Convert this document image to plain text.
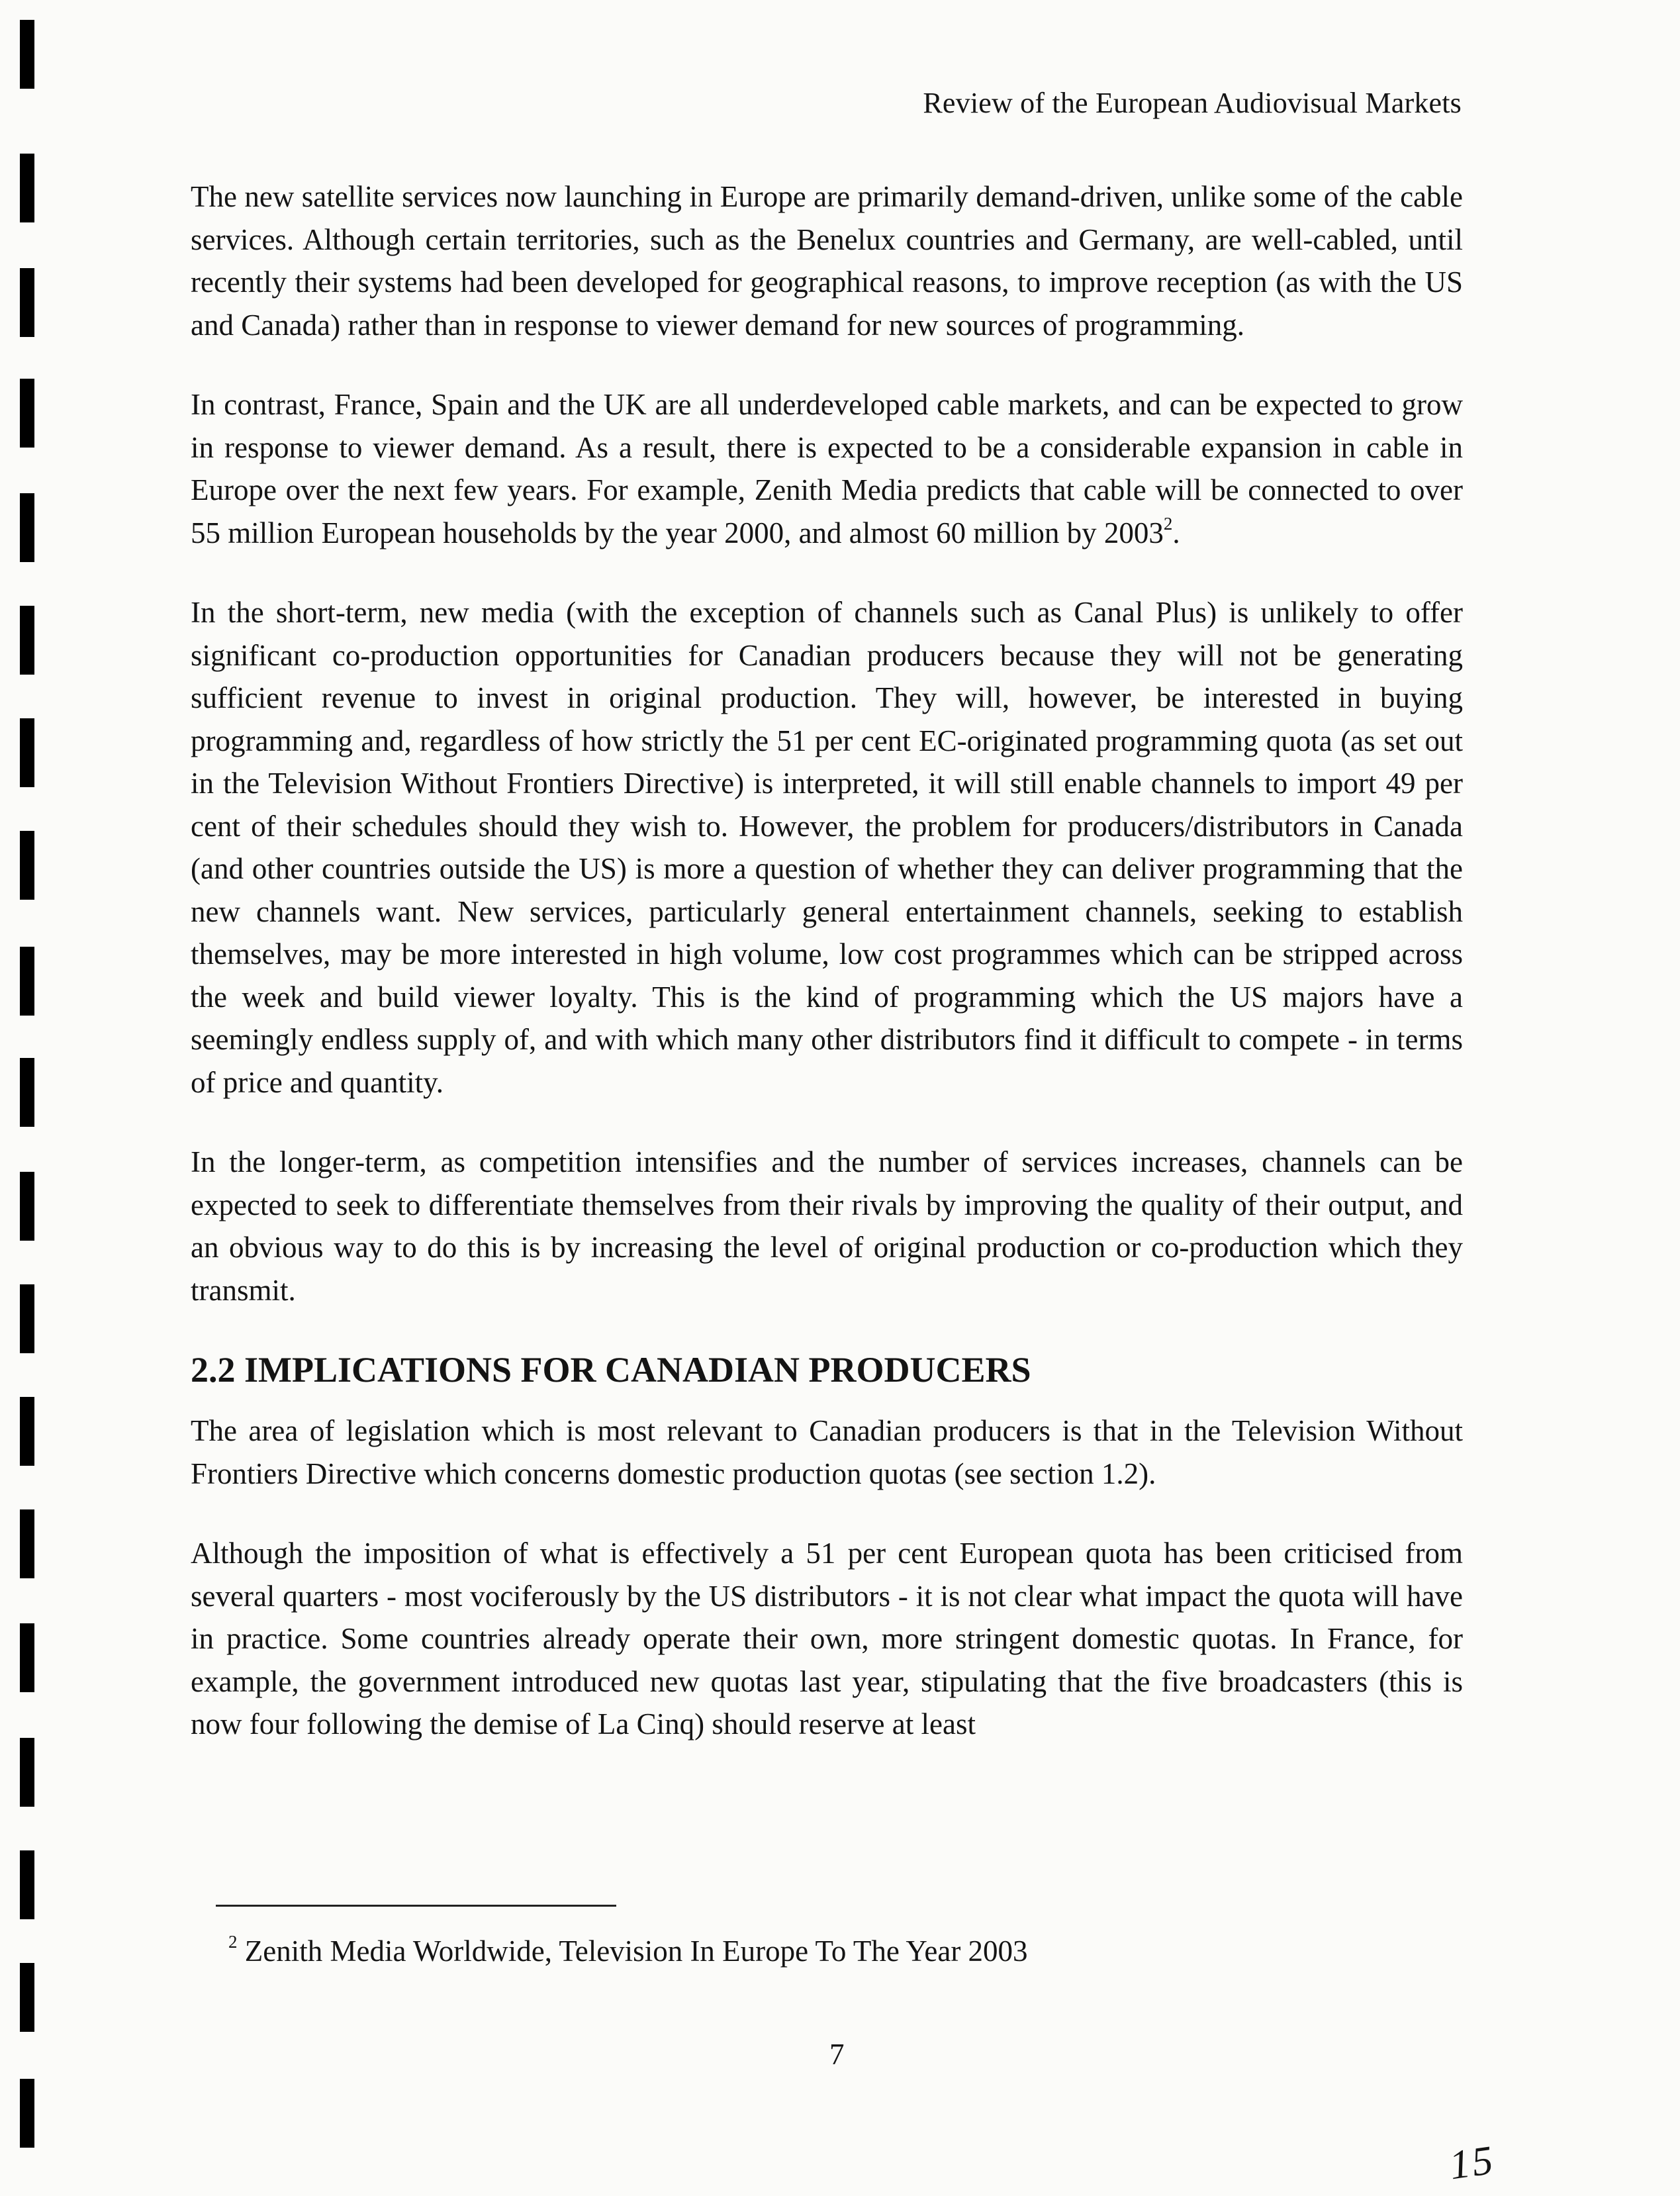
Review of the European Audiovisual Markets

The new satellite services now launching in Europe are primarily demand-driven, unlike some of the cable services. Although certain territories, such as the Benelux countries and Germany, are well-cabled, until recently their systems had been developed for geographical reasons, to improve reception (as with the US and Canada) rather than in response to viewer demand for new sources of programming.

In contrast, France, Spain and the UK are all underdeveloped cable markets, and can be expected to grow in response to viewer demand. As a result, there is expected to be a considerable expansion in cable in Europe over the next few years. For example, Zenith Media predicts that cable will be connected to over 55 million European households by the year 2000, and almost 60 million by 2003$^2$.

In the short-term, new media (with the exception of channels such as Canal Plus) is unlikely to offer significant co-production opportunities for Canadian producers because they will not be generating sufficient revenue to invest in original production. They will, however, be interested in buying programming and, regardless of how strictly the 51 per cent EC-originated programming quota (as set out in the Television Without Frontiers Directive) is interpreted, it will still enable channels to import 49 per cent of their schedules should they wish to. However, the problem for producers/distributors in Canada (and other countries outside the US) is more a question of whether they can deliver programming that the new channels want. New services, particularly general entertainment channels, seeking to establish themselves, may be more interested in high volume, low cost programmes which can be stripped across the week and build viewer loyalty. This is the kind of programming which the US majors have a seemingly endless supply of, and with which many other distributors find it difficult to compete - in terms of price and quantity.

In the longer-term, as competition intensifies and the number of services increases, channels can be expected to seek to differentiate themselves from their rivals by improving the quality of their output, and an obvious way to do this is by increasing the level of original production or co-production which they transmit.

2.2 IMPLICATIONS FOR CANADIAN PRODUCERS

The area of legislation which is most relevant to Canadian producers is that in the Television Without Frontiers Directive which concerns domestic production quotas (see section 1.2).

Although the imposition of what is effectively a 51 per cent European quota has been criticised from several quarters - most vociferously by the US distributors - it is not clear what impact the quota will have in practice. Some countries already operate their own, more stringent domestic quotas. In France, for example, the government introduced new quotas last year, stipulating that the five broadcasters (this is now four following the demise of La Cinq) should reserve at least

$^2$ Zenith Media Worldwide, Television In Europe To The Year 2003
7
15
